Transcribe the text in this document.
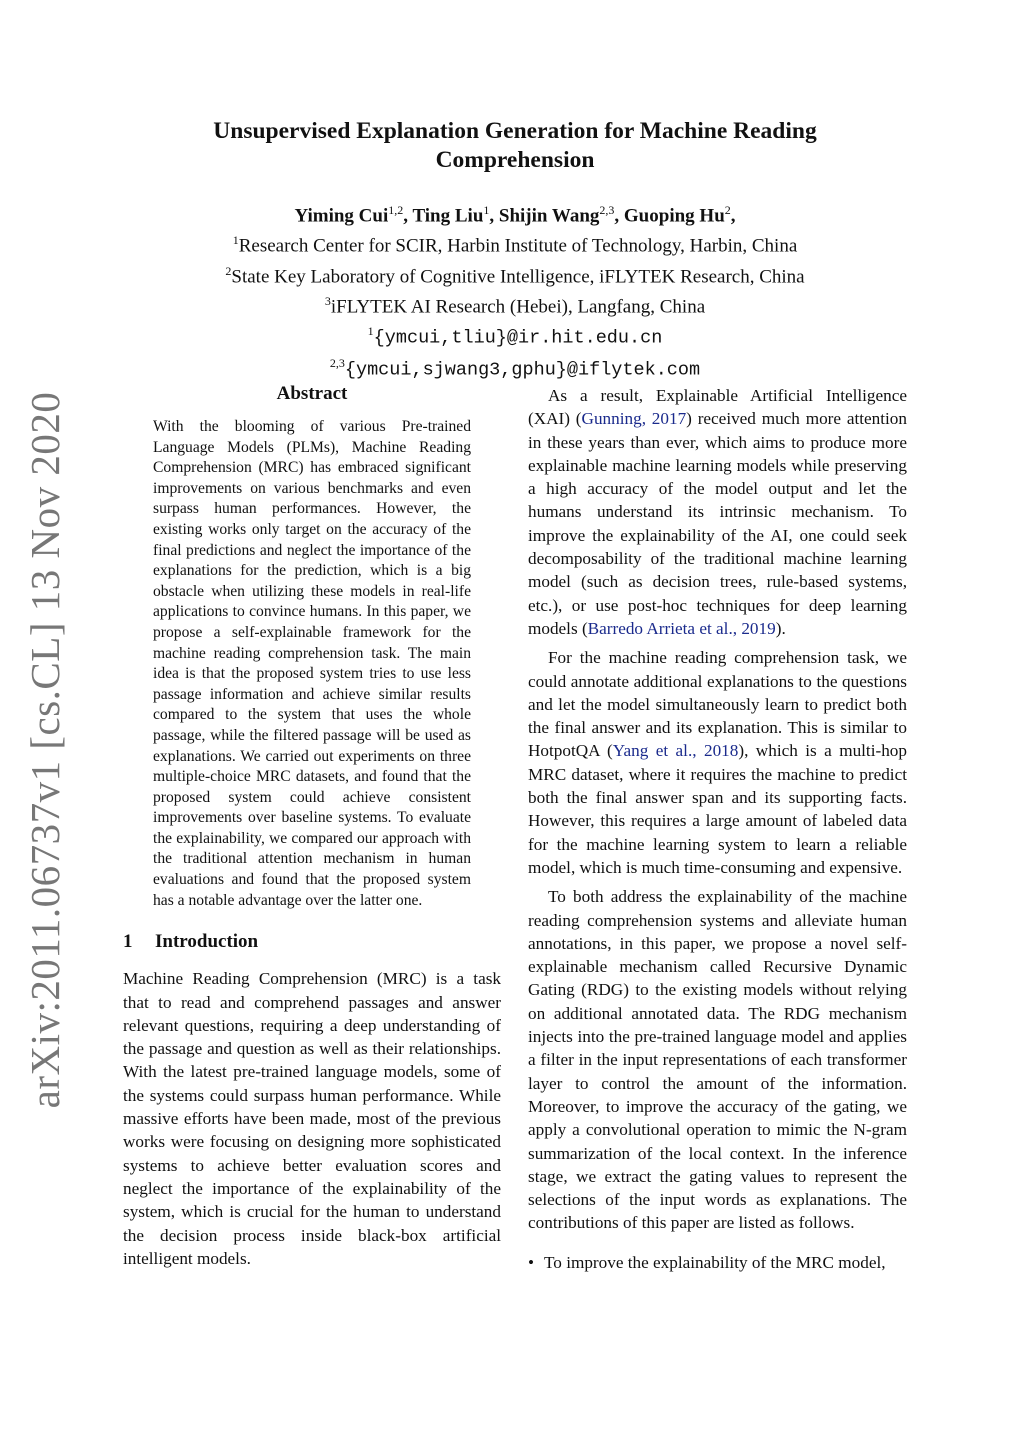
arXiv:2011.06737v1 [cs.CL] 13 Nov 2020
Unsupervised Explanation Generation for Machine Reading
Comprehension
Yiming Cui$^{1,2}$, Ting Liu$^1$, Shijin Wang$^{2,3}$, Guoping Hu$^2$,
$^1$Research Center for SCIR, Harbin Institute of Technology, Harbin, China
$^2$State Key Laboratory of Cognitive Intelligence, iFLYTEK Research, China
$^3$iFLYTEK AI Research (Hebei), Langfang, China
$^1${ymcui,tliu}@ir.hit.edu.cn
$^{2,3}${ymcui,sjwang3,gphu}@iflytek.com
Abstract
With the blooming of various Pre-trained Language Models (PLMs), Machine Reading Comprehension (MRC) has embraced significant improvements on various benchmarks and even surpass human performances. However, the existing works only target on the accuracy of the final predictions and neglect the importance of the explanations for the prediction, which is a big obstacle when utilizing these models in real-life applications to convince humans. In this paper, we propose a self-explainable framework for the machine reading comprehension task. The main idea is that the proposed system tries to use less passage information and achieve similar results compared to the system that uses the whole passage, while the filtered passage will be used as explanations. We carried out experiments on three multiple-choice MRC datasets, and found that the proposed system could achieve consistent improvements over baseline systems. To evaluate the explainability, we compared our approach with the traditional attention mechanism in human evaluations and found that the proposed system has a notable advantage over the latter one.
1 Introduction

Machine Reading Comprehension (MRC) is a task that to read and comprehend passages and answer relevant questions, requiring a deep understanding of the passage and question as well as their relationships. With the latest pre-trained language models, some of the systems could surpass human performance. While massive efforts have been made, most of the previous works were focusing on designing more sophisticated systems to achieve better evaluation scores and neglect the importance of the explainability of the system, which is crucial for the human to understand the decision process inside black-box artificial intelligent models.

As a result, Explainable Artificial Intelligence (XAI) (Gunning, 2017) received much more attention in these years than ever, which aims to produce more explainable machine learning models while preserving a high accuracy of the model output and let the humans understand its intrinsic mechanism. To improve the explainability of the AI, one could seek decomposability of the traditional machine learning model (such as decision trees, rule-based systems, etc.), or use post-hoc techniques for deep learning models (Barredo Arrieta et al., 2019).

For the machine reading comprehension task, we could annotate additional explanations to the questions and let the model simultaneously learn to predict both the final answer and its explanation. This is similar to HotpotQA (Yang et al., 2018), which is a multi-hop MRC dataset, where it requires the machine to predict both the final answer span and its supporting facts. However, this requires a large amount of labeled data for the machine learning system to learn a reliable model, which is much time-consuming and expensive.

To both address the explainability of the machine reading comprehension systems and alleviate human annotations, in this paper, we propose a novel self-explainable mechanism called Recursive Dynamic Gating (RDG) to the existing models without relying on additional annotated data. The RDG mechanism injects into the pre-trained language model and applies a filter in the input representations of each transformer layer to control the amount of the information. Moreover, to improve the accuracy of the gating, we apply a convolutional operation to mimic the N-gram summarization of the local context. In the inference stage, we extract the gating values to represent the selections of the input words as explanations. The contributions of this paper are listed as follows.

• To improve the explainability of the MRC model,
